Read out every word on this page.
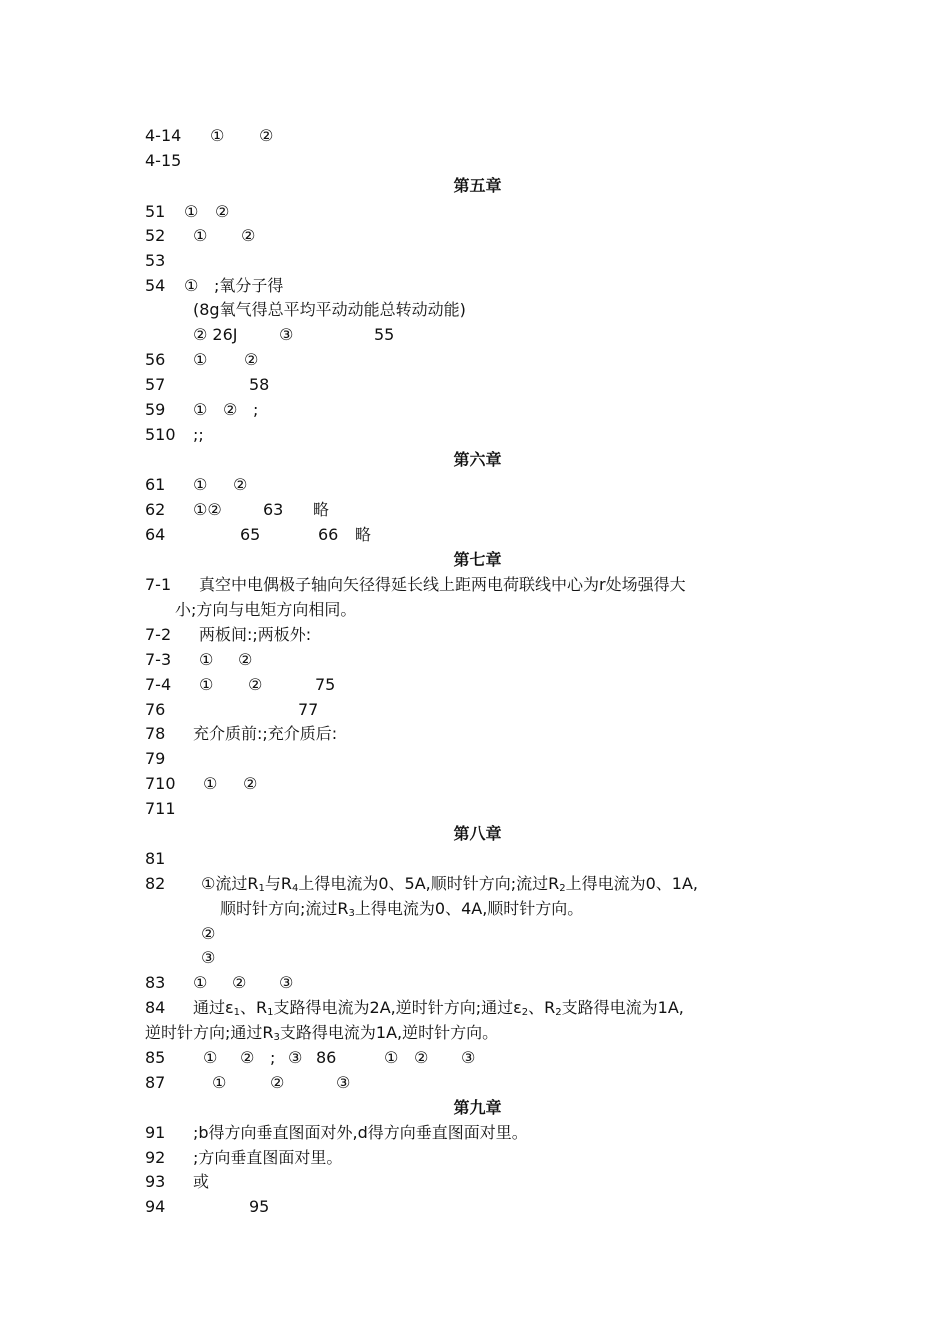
4-14 ① ②
4-15
第五章
51 ① ②
52 ① ②
53
54 ① ;氧分子得
(8g氧气得总平均平动动能总转动动能)
② 26J	③	55
56 ① ②
57	58
59 ① ② ;
510 ;;
第六章
61 ① ②
62 ①②	63 略
64	65	66 略
第七章
7-1 真空中电偶极子轴向矢径得延长线上距两电荷联线中心为r处场强得大
小;方向与电矩方向相同。
7-2 两板间:;两板外:
7-3 ① ②
7-4 ① ②	75
76	77
78 充介质前:;充介质后:
79
710 ① ②
711
第八章
81
82 ①流过$R_1$与$R_4$上得电流为0、5A,顺时针方向;流过$R_2$上得电流为0、1A,
顺时针方向;流过$R_3$上得电流为0、4A,顺时针方向。
②
③
83 ① ② ③
84 通过$\varepsilon_1$、$R_1$支路得电流为2A,逆时针方向;通过$\varepsilon_2$、$R_2$支路得电流为1A,
逆时针方向;通过$R_3$支路得电流为1A,逆时针方向。
85 ① ② ; ③ 86	① ② ③
87	①	②	③
第九章
91 ;b得方向垂直图面对外,d得方向垂直图面对里。
92 ;方向垂直图面对里。
93 或
94	95
